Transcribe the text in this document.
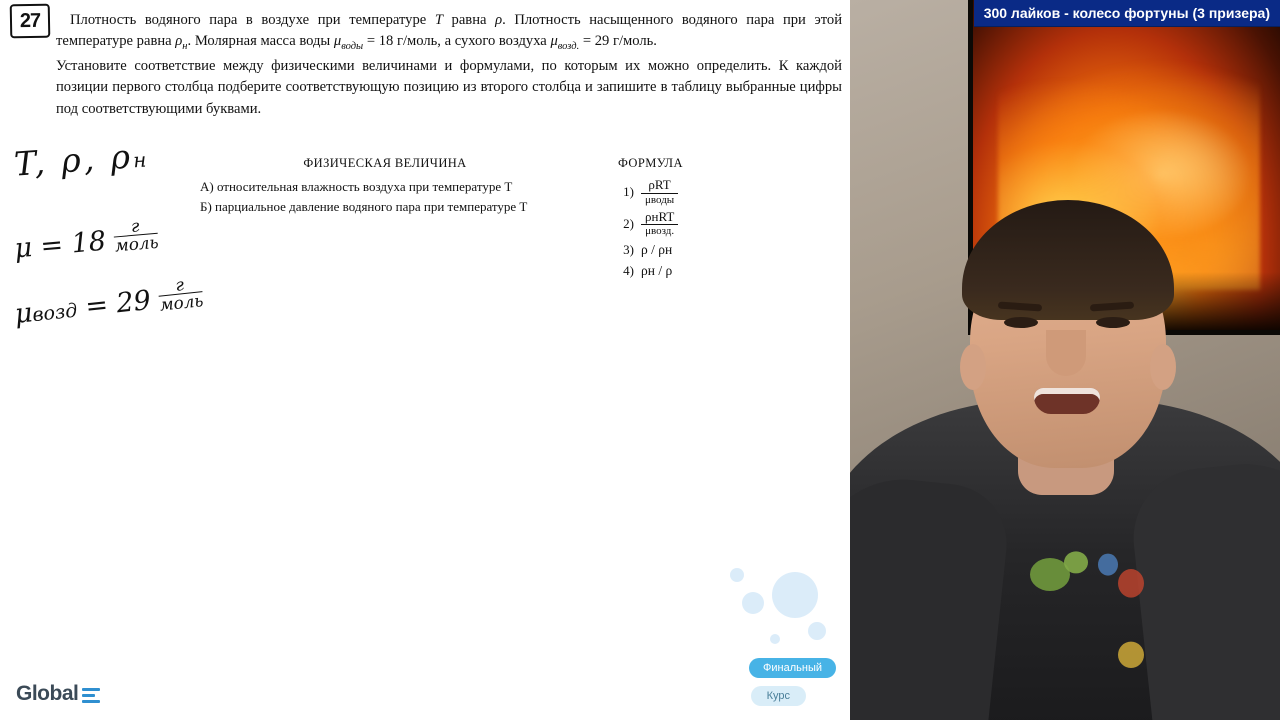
27	Плотность водяного пара в воздухе при температуре T равна ρ. Плотность насыщенного водяного пара при этой температуре равна $\rho_н$. Молярная масса воды $\mu_{воды} = 18$ г/моль, а сухого воздуха $\mu_{возд.} = 29$ г/моль.

Установите соответствие между физическими величинами и формулами, по которым их можно определить. К каждой позиции первого столбца подберите соответствующую позицию из второго столбца и запишите в таблицу выбранные цифры под соответствующими буквами.

T, ρ, ρн
μ = 18
$\frac{г}{\text{моль}}$
μвозд = 29
$\frac{г}{\text{моль}}$
ФИЗИЧЕСКАЯ ВЕЛИЧИНА
А) относительная влажность воздуха при температуре T
Б) парциальное давление водяного пара при температуре T
ФОРМУЛА
$1) \frac{\text{ρRT}}{\text{μводы}}$
$2) \frac{\text{ρнRT}}{\text{μвозд.}}$
3) ρ / ρн
4) ρн / ρ
Финальный
Курс
Global
300 лайков - колесо фортуны (3 призера)
